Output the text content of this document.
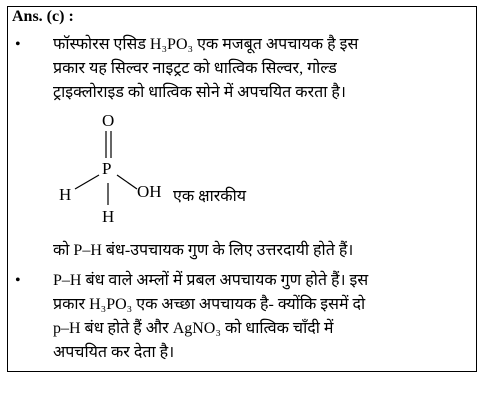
Ans. (c) :
• फॉस्फोरस एसिड H₃PO₃ एक मजबूत अपचायक है इस
प्रकार यह सिल्वर नाइट्रट को धात्विक सिल्वर, गोल्ड
ट्राइक्लोराइड को धात्विक सोने में अपचयित करता है।
O
P
H	OH
H
एक क्षारकीय
को P–H बंध-उपचायक गुण के लिए उत्तरदायी होते हैं।
• P–H बंध वाले अम्लों में प्रबल अपचायक गुण होते हैं। इस
प्रकार H₃PO₃ एक अच्छा अपचायक है- क्योंकि इसमें दो
p–H बंध होते हैं और AgNO₃ को धात्विक चाँदी में
अपचयित कर देता है।
